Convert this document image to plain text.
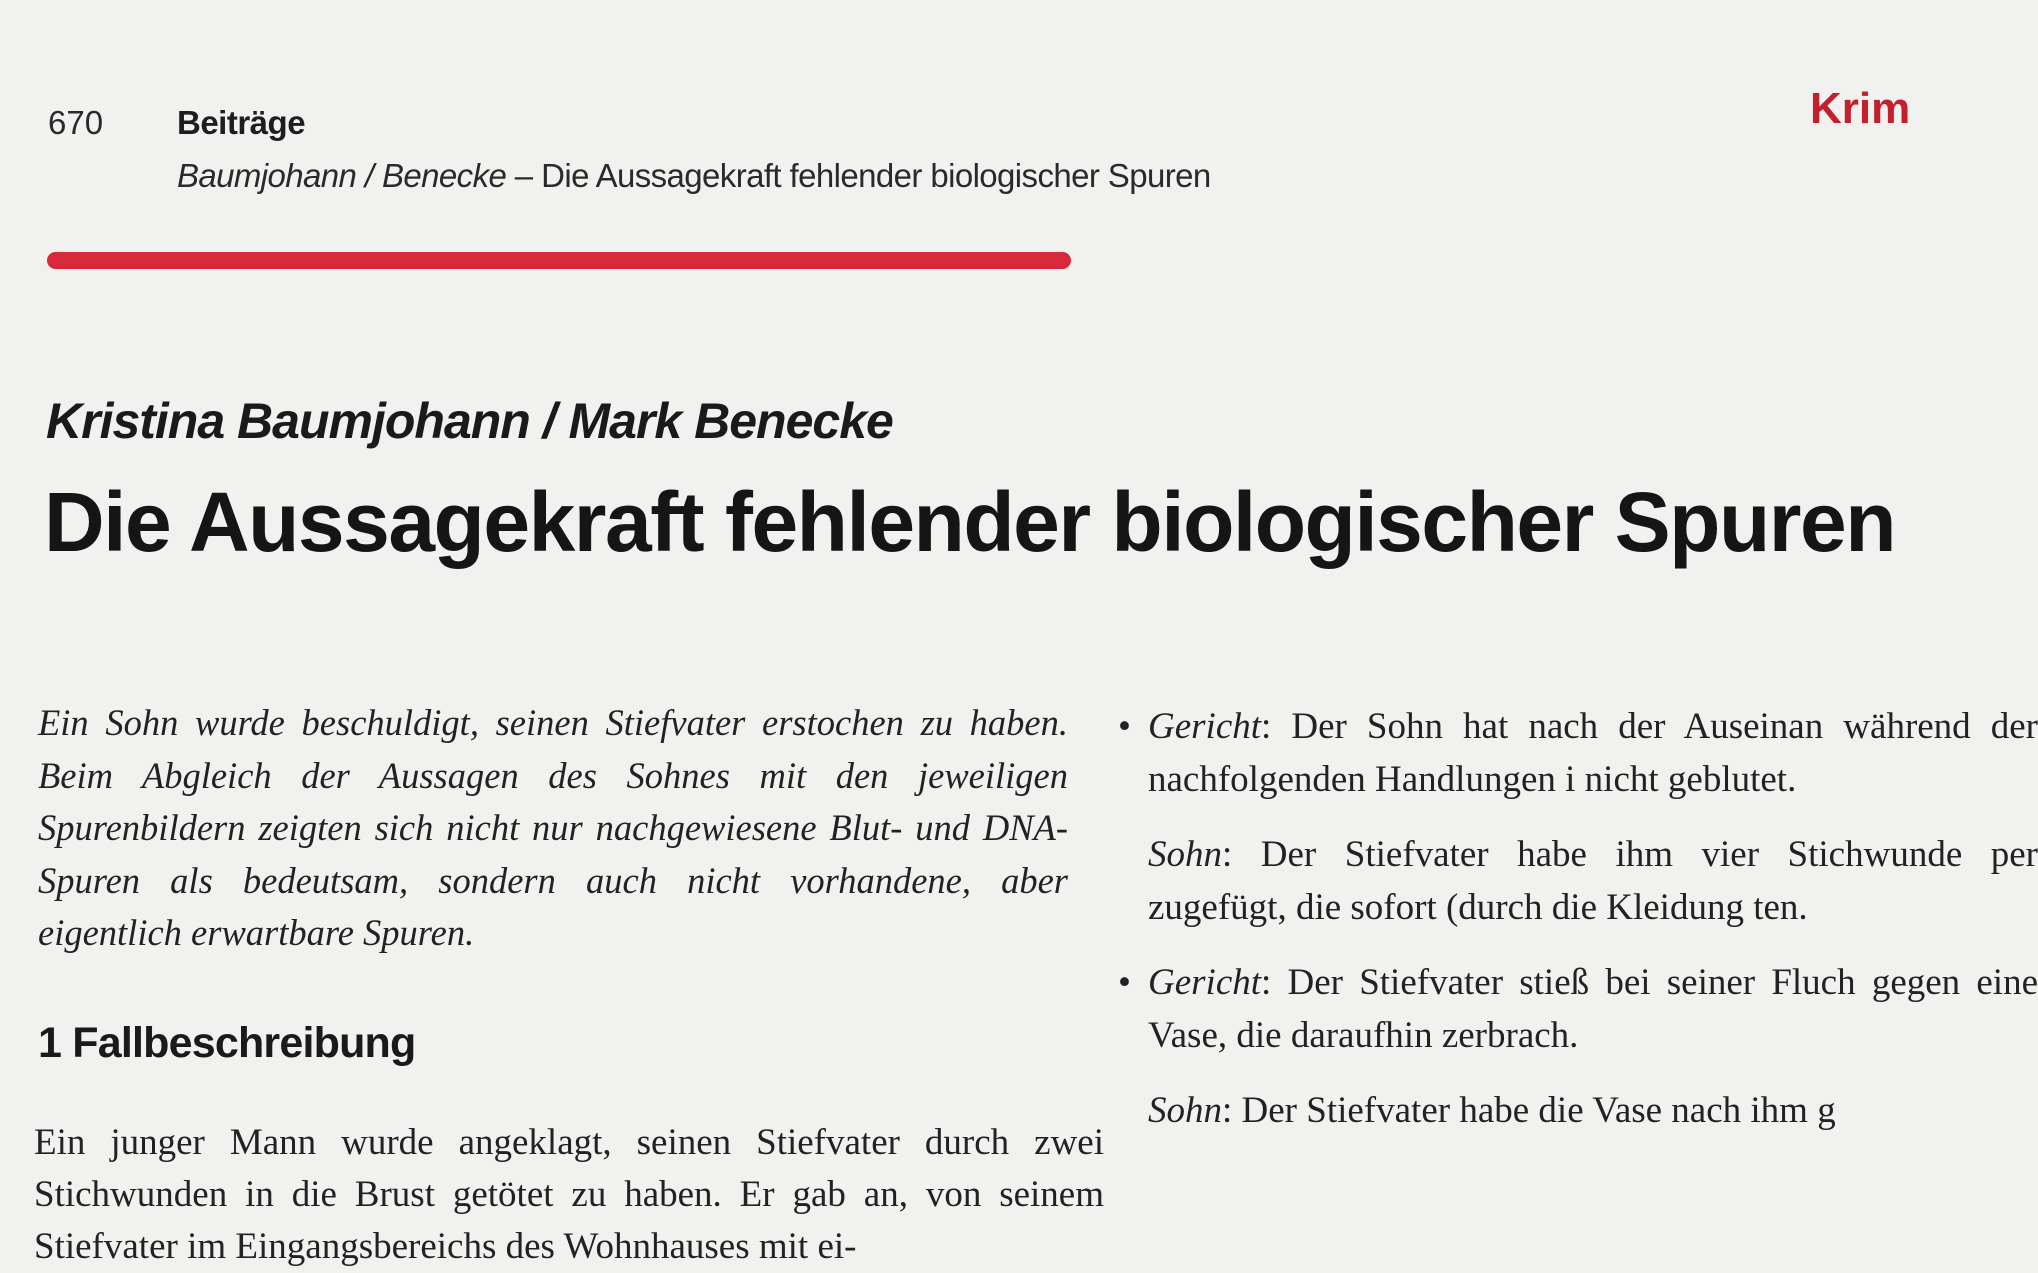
670 Beiträge
Baumjohann / Benecke – Die Aussagekraft fehlender biologischer Spuren
Krim
Kristina Baumjohann / Mark Benecke
Die Aussagekraft fehlender biologischer Spuren

Ein Sohn wurde beschuldigt, seinen Stiefvater erstochen zu haben. Beim Abgleich der Aussagen des Sohnes mit den jeweiligen Spurenbildern zeigten sich nicht nur nachgewiesene Blut- und DNA-Spuren als bedeutsam, sondern auch nicht vorhandene, aber eigentlich erwartbare Spuren.

1 Fallbeschreibung

Ein junger Mann wurde angeklagt, seinen Stiefvater durch zwei Stichwunden in die Brust getötet zu haben. Er gab an, von seinem Stiefvater im Eingangsbereichs des Wohnhauses mit ei-

• Gericht: Der Sohn hat nach der Auseinan während der nachfolgenden Handlungen i nicht geblutet.
Sohn: Der Stiefvater habe ihm vier Stichwunde per zugefügt, die sofort (durch die Kleidung ten.
• Gericht: Der Stiefvater stieß bei seiner Fluch gegen eine Vase, die daraufhin zerbrach.
Sohn: Der Stiefvater habe die Vase nach ihm g
